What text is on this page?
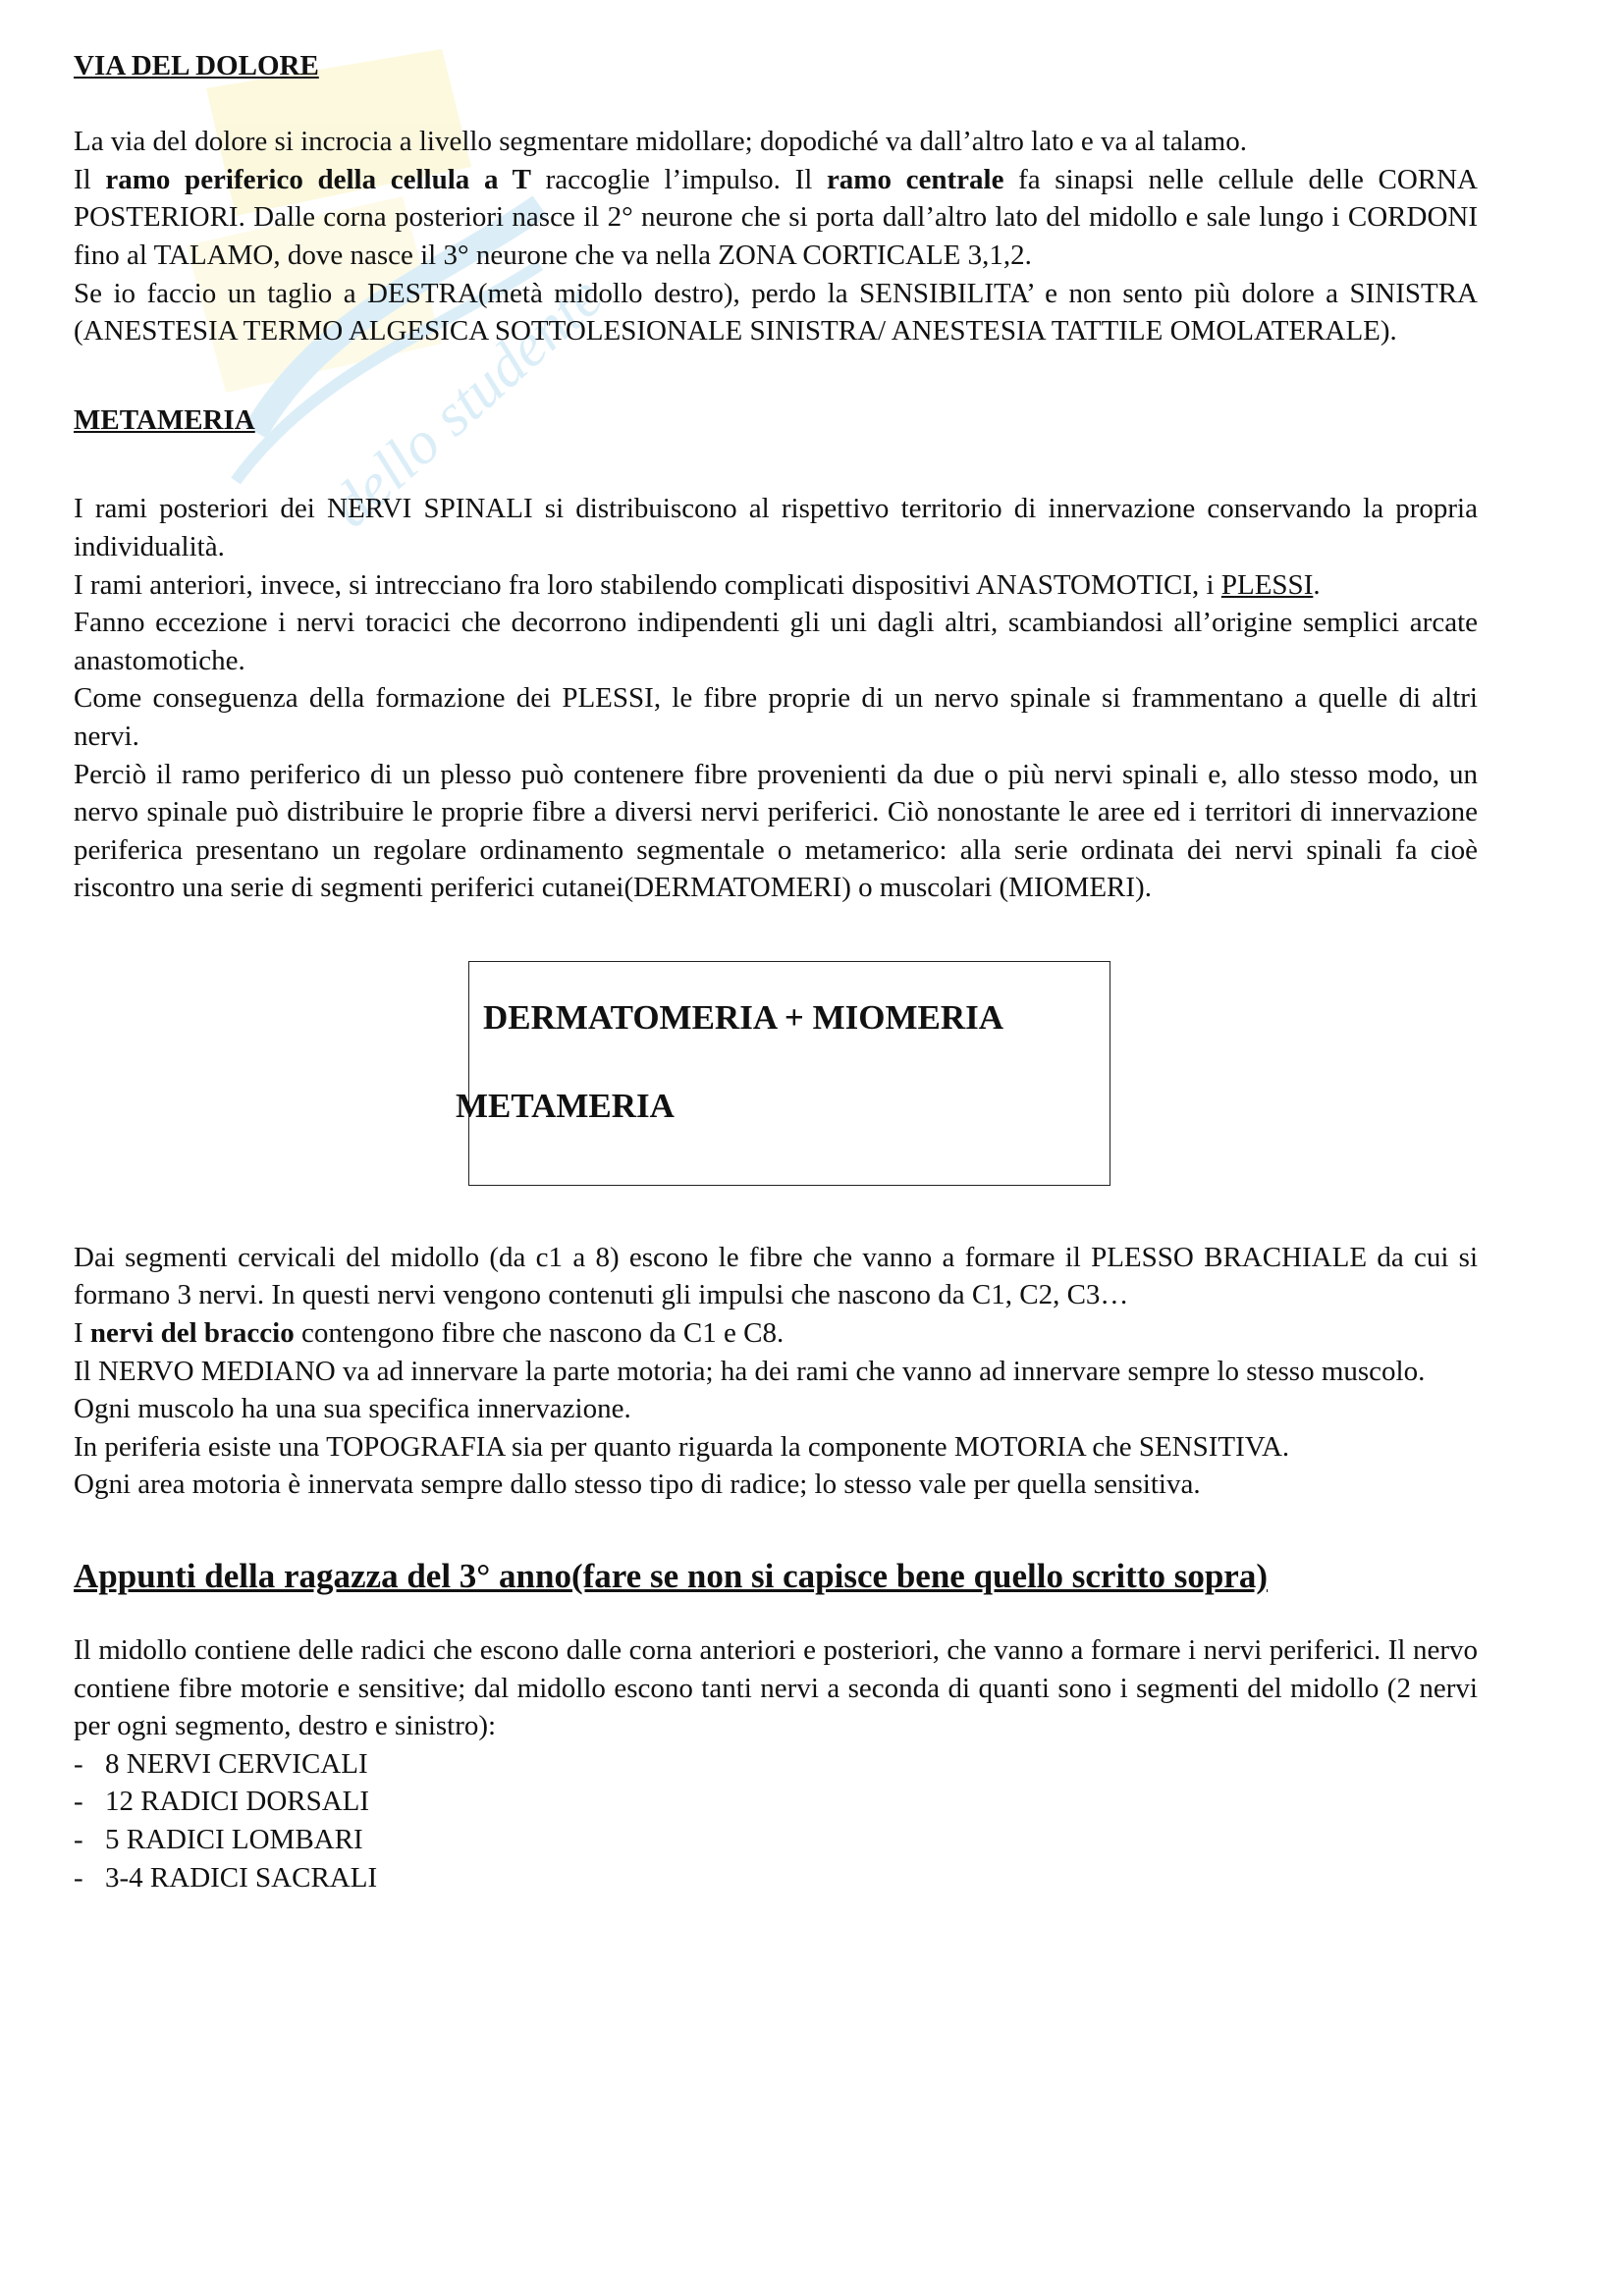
dello studente
VIA DEL DOLORE

La via del dolore si incrocia a livello segmentare midollare; dopodiché va dall’altro lato e va al talamo.

Il ramo periferico della cellula a T raccoglie l’impulso. Il ramo centrale fa sinapsi nelle cellule delle CORNA POSTERIORI. Dalle corna posteriori nasce il 2° neurone che si porta dall’altro lato del midollo e sale lungo i CORDONI fino al TALAMO, dove nasce il 3° neurone che va nella ZONA CORTICALE 3,1,2.

Se io faccio un taglio a DESTRA(metà midollo destro), perdo la SENSIBILITA’ e non sento più dolore a SINISTRA (ANESTESIA TERMO ALGESICA SOTTOLESIONALE SINISTRA/ ANESTESIA TATTILE OMOLATERALE).

METAMERIA

I rami posteriori dei NERVI SPINALI si distribuiscono al rispettivo territorio di innervazione conservando la propria individualità.

I rami anteriori, invece, si intrecciano fra loro stabilendo complicati dispositivi ANASTOMOTICI, i PLESSI.

Fanno eccezione i nervi toracici che decorrono indipendenti gli uni dagli altri, scambiandosi all’origine semplici arcate anastomotiche.

Come conseguenza della formazione dei PLESSI, le fibre proprie di un nervo spinale si frammentano a quelle di altri nervi.

Perciò il ramo periferico di un plesso può contenere fibre provenienti da due o più nervi spinali e, allo stesso modo, un nervo spinale può distribuire le proprie fibre a diversi nervi periferici. Ciò nonostante le aree ed i territori di innervazione periferica presentano un regolare ordinamento segmentale o metamerico: alla serie ordinata dei nervi spinali fa cioè riscontro una serie di segmenti periferici cutanei(DERMATOMERI) o muscolari (MIOMERI).

DERMATOMERIA + MIOMERIA
METAMERIA

Dai segmenti cervicali del midollo (da c1 a 8) escono le fibre che vanno a formare il PLESSO BRACHIALE da cui si formano 3 nervi. In questi nervi vengono contenuti gli impulsi che nascono da C1, C2, C3…

I nervi del braccio contengono fibre che nascono da C1 e C8.

Il NERVO MEDIANO va ad innervare la parte motoria; ha dei rami che vanno ad innervare sempre lo stesso muscolo.

Ogni muscolo ha una sua specifica innervazione.

In periferia esiste una TOPOGRAFIA sia per quanto riguarda la componente MOTORIA che SENSITIVA.

Ogni area motoria è innervata sempre dallo stesso tipo di radice; lo stesso vale per quella sensitiva.

Appunti della ragazza del 3° anno(fare se non si capisce bene quello scritto sopra)

Il midollo contiene delle radici che escono dalle corna anteriori e posteriori, che vanno a formare i nervi periferici. Il nervo contiene fibre motorie e sensitive; dal midollo escono tanti nervi a seconda di quanti sono i segmenti del midollo (2 nervi per ogni segmento, destro e sinistro):

- 8 NERVI CERVICALI
- 12 RADICI DORSALI
- 5 RADICI LOMBARI
- 3-4 RADICI SACRALI
